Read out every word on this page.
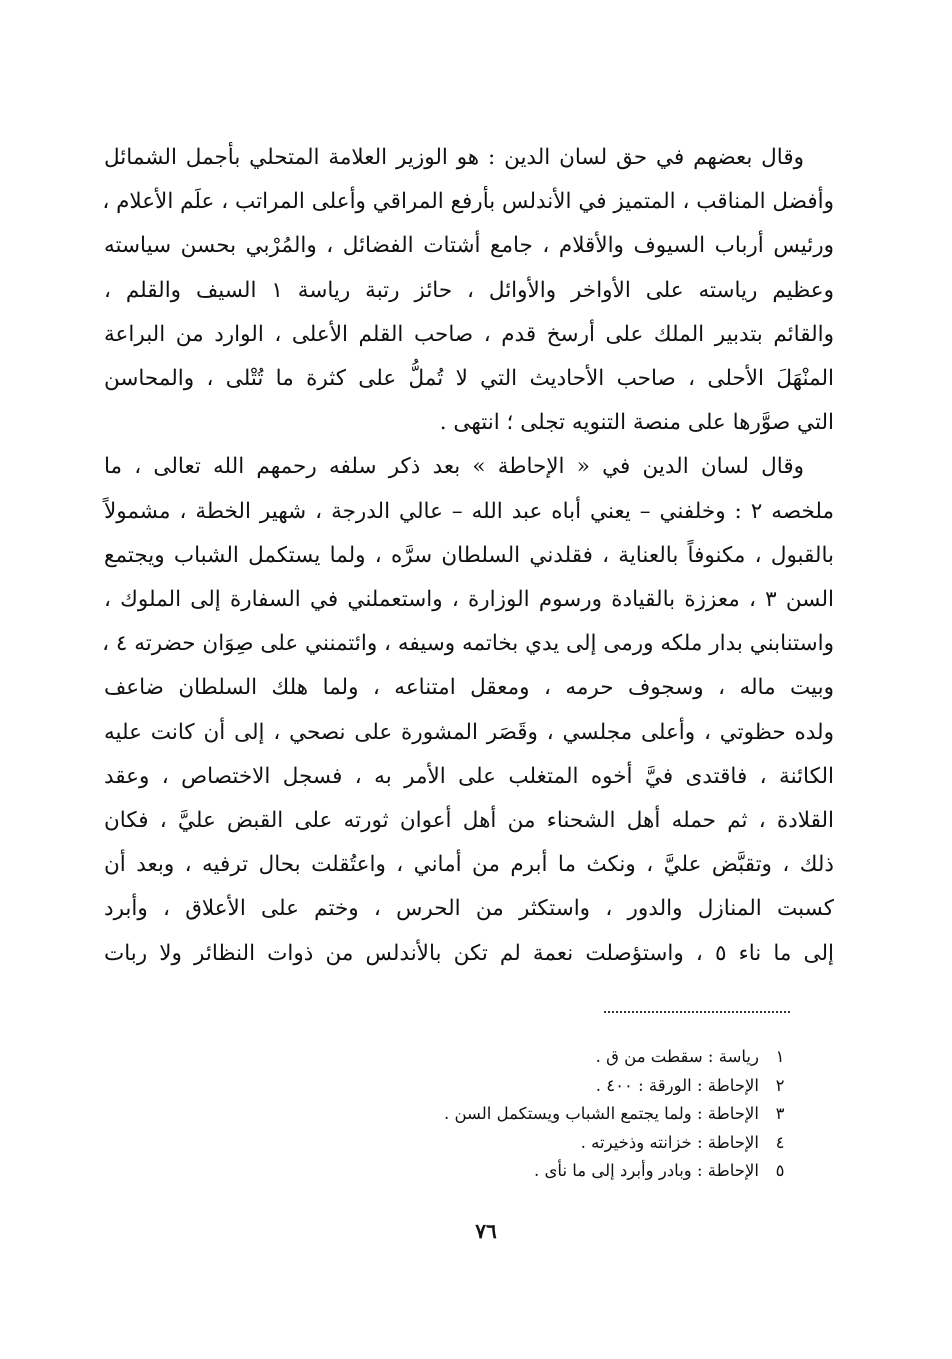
وقال بعضهم في حق لسان الدين : هو الوزير العلامة المتحلي بأجمل الشمائل
وأفضل المناقب ، المتميز في الأندلس بأرفع المراقي وأعلى المراتب ، علَم الأعلام ،
ورئيس أرباب السيوف والأقلام ، جامع أشتات الفضائل ، والمُرْبي بحسن سياسته
وعظيم رياسته على الأواخر والأوائل ، حائز رتبة رياسة ١ السيف والقلم ،
والقائم بتدبير الملك على أرسخ قدم ، صاحب القلم الأعلى ، الوارد من البراعة
المنْهَلَ الأحلى ، صاحب الأحاديث التي لا تُملُّ على كثرة ما تُتْلى ، والمحاسن
التي صوَّرها على منصة التنويه تجلى ؛ انتهى .

وقال لسان الدين في « الإحاطة » بعد ذكر سلفه رحمهم الله تعالى ، ما
ملخصه ٢ : وخلفني – يعني أباه عبد الله – عالي الدرجة ، شهير الخطة ، مشمولاً
بالقبول ، مكنوفاً بالعناية ، فقلدني السلطان سرَّه ، ولما يستكمل الشباب ويجتمع
السن ٣ ، معززة بالقيادة ورسوم الوزارة ، واستعملني في السفارة إلى الملوك ،
واستنابني بدار ملكه ورمى إلى يدي بخاتمه وسيفه ، وائتمنني على صِوَان حضرته ٤ ،
وبيت ماله ، وسجوف حرمه ، ومعقل امتناعه ، ولما هلك السلطان ضاعف
ولده حظوتي ، وأعلى مجلسي ، وقَصَر المشورة على نصحي ، إلى أن كانت عليه
الكائنة ، فاقتدى فيَّ أخوه المتغلب على الأمر به ، فسجل الاختصاص ، وعقد
القلادة ، ثم حمله أهل الشحناء من أهل أعوان ثورته على القبض عليَّ ، فكان
ذلك ، وتقبَّض عليَّ ، ونكث ما أبرم من أماني ، واعتُقلت بحال ترفيه ، وبعد أن
كسبت المنازل والدور ، واستكثر من الحرس ، وختم على الأعلاق ، وأبرد
إلى ما ناء ٥ ، واستؤصلت نعمة لم تكن بالأندلس من ذوات النظائر ولا ربات

١
رياسة : سقطت من ق .
٢
الإحاطة : الورقة : ٤٠٠ .
٣
الإحاطة : ولما يجتمع الشباب ويستكمل السن .
٤
الإحاطة : خزانته وذخيرته .
٥
الإحاطة : وبادر وأبرد إلى ما نأى .
٧٦
